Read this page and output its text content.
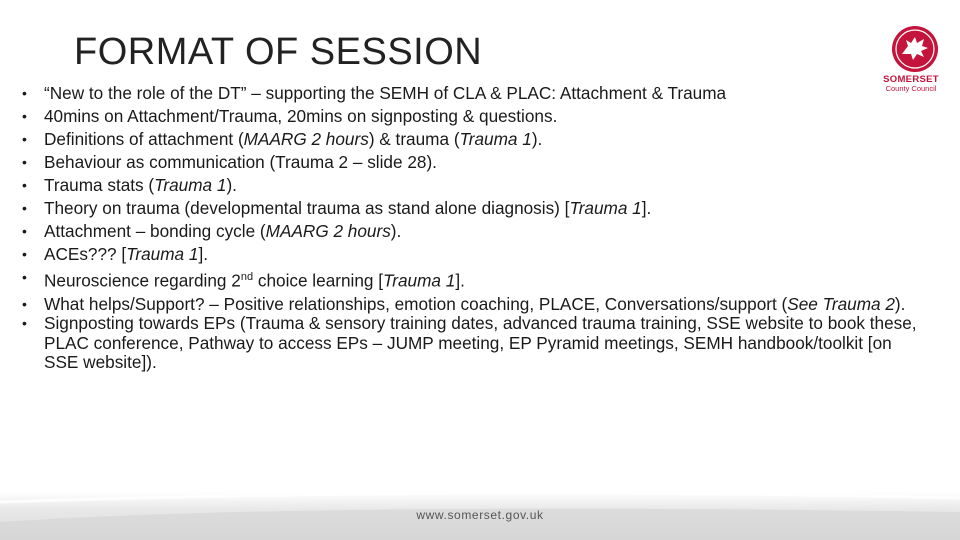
FORMAT OF SESSION
SOMERSET
County Council
• “New to the role of the DT” – supporting the SEMH of CLA & PLAC: Attachment & Trauma
• 40mins on Attachment/Trauma, 20mins on signposting & questions.
• Definitions of attachment (MAARG 2 hours) & trauma (Trauma 1).
• Behaviour as communication (Trauma 2 – slide 28).
• Trauma stats (Trauma 1).
• Theory on trauma (developmental trauma as stand alone diagnosis) [Trauma 1].
• Attachment – bonding cycle (MAARG 2 hours).
• ACEs??? [Trauma 1].
• Neuroscience regarding 2nd choice learning [Trauma 1].
• What helps/Support? – Positive relationships, emotion coaching, PLACE, Conversations/support (See Trauma 2).
• Signposting towards EPs (Trauma & sensory training dates, advanced trauma training, SSE website to book these, PLAC conference, Pathway to access EPs – JUMP meeting, EP Pyramid meetings, SEMH handbook/toolkit [on SSE website]).
www.somerset.gov.uk
